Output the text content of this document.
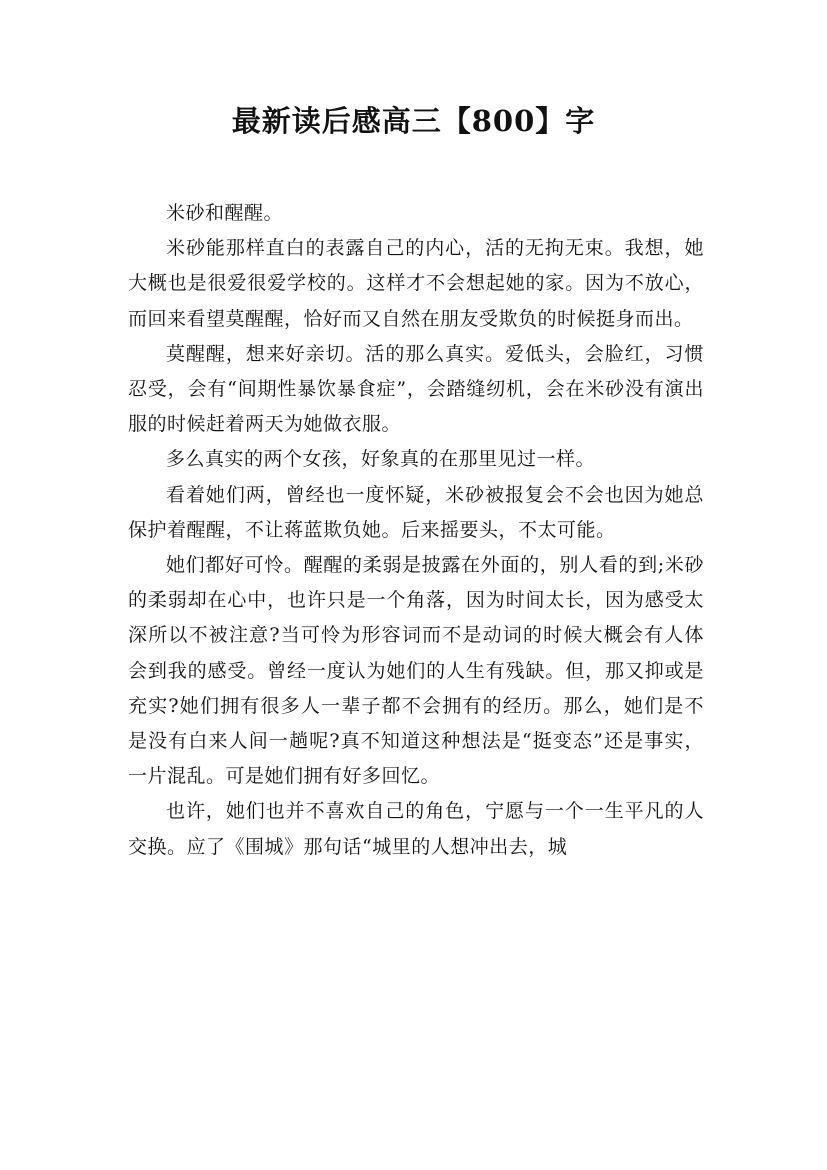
最新读后感高三【800】字

米砂和醒醒。

米砂能那样直白的表露自己的内心，活的无拘无束。我想，她大概也是很爱很爱学校的。这样才不会想起她的家。因为不放心，而回来看望莫醒醒，恰好而又自然在朋友受欺负的时候挺身而出。

莫醒醒，想来好亲切。活的那么真实。爱低头，会脸红，习惯忍受，会有“间期性暴饮暴食症”，会踏缝纫机，会在米砂没有演出服的时候赶着两天为她做衣服。

多么真实的两个女孩，好象真的在那里见过一样。

看着她们两，曾经也一度怀疑，米砂被报复会不会也因为她总保护着醒醒，不让蒋蓝欺负她。后来摇要头，不太可能。

她们都好可怜。醒醒的柔弱是披露在外面的，别人看的到;米砂的柔弱却在心中，也许只是一个角落，因为时间太长，因为感受太深所以不被注意?当可怜为形容词而不是动词的时候大概会有人体会到我的感受。曾经一度认为她们的人生有残缺。但，那又抑或是充实?她们拥有很多人一辈子都不会拥有的经历。那么，她们是不是没有白来人间一趟呢?真不知道这种想法是“挺变态”还是事实，一片混乱。可是她们拥有好多回忆。

也许，她们也并不喜欢自己的角色，宁愿与一个一生平凡的人交换。应了《围城》那句话“城里的人想冲出去，城
